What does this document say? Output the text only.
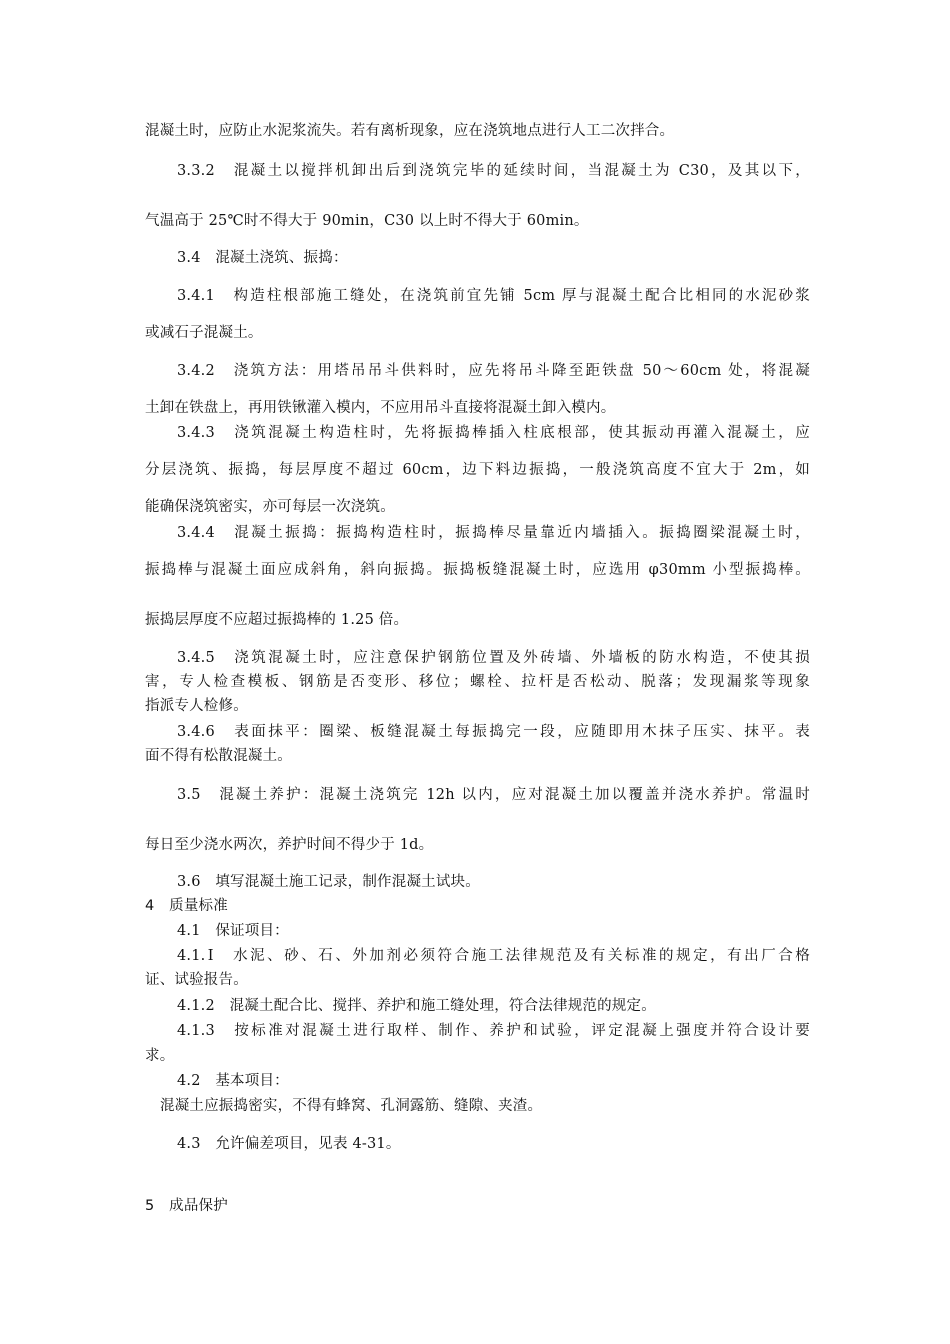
混凝土时，应防止水泥浆流失。若有离析现象，应在浇筑地点进行人工二次拌合。
3.3.2　混凝土以搅拌机卸出后到浇筑完毕的延续时间，当混凝土为 C30，及其以下，
气温高于 25℃时不得大于 90min，C30 以上时不得大于 60min。
3.4　混凝土浇筑、振捣：
3.4.1　构造柱根部施工缝处，在浇筑前宜先铺 5cm 厚与混凝土配合比相同的水泥砂浆
或减石子混凝土。
3.4.2　浇筑方法：用塔吊吊斗供料时，应先将吊斗降至距铁盘 50～60cm 处，将混凝
土卸在铁盘上，再用铁锹灌入模内，不应用吊斗直接将混凝土卸入模内。
3.4.3　浇筑混凝土构造柱时，先将振捣棒插入柱底根部，使其振动再灌入混凝土，应
分层浇筑、振捣，每层厚度不超过 60cm，边下料边振捣，一般浇筑高度不宜大于 2m，如
能确保浇筑密实，亦可每层一次浇筑。
3.4.4　混凝土振捣：振捣构造柱时，振捣棒尽量靠近内墙插入。振捣圈梁混凝土时，
振捣棒与混凝土面应成斜角，斜向振捣。振捣板缝混凝土时，应选用 φ30mm 小型振捣棒。
振捣层厚度不应超过振捣棒的 1.25 倍。
3.4.5　浇筑混凝土时，应注意保护钢筋位置及外砖墙、外墙板的防水构造，不使其损
害，专人检查模板、钢筋是否变形、移位；螺栓、拉杆是否松动、脱落；发现漏浆等现象
指派专人检修。
3.4.6　表面抹平：圈梁、板缝混凝土每振捣完一段，应随即用木抹子压实、抹平。表
面不得有松散混凝土。
3.5　混凝土养护：混凝土浇筑完 12h 以内，应对混凝土加以覆盖并浇水养护。常温时
每日至少浇水两次，养护时间不得少于 1d。
3.6　填写混凝土施工记录，制作混凝土试块。
4　质量标准
4.1　保证项目：
4.1.Ⅰ　水泥、砂、石、外加剂必须符合施工法律规范及有关标准的规定，有出厂合格
证、试验报告。
4.1.2　混凝土配合比、搅拌、养护和施工缝处理，符合法律规范的规定。
4.1.3　按标准对混凝土进行取样、制作、养护和试验，评定混凝上强度并符合设计要
求。
4.2　基本项目：
混凝土应振捣密实，不得有蜂窝、孔洞露筋、缝隙、夹渣。
4.3　允许偏差项目，见表 4-31。
5　成品保护
